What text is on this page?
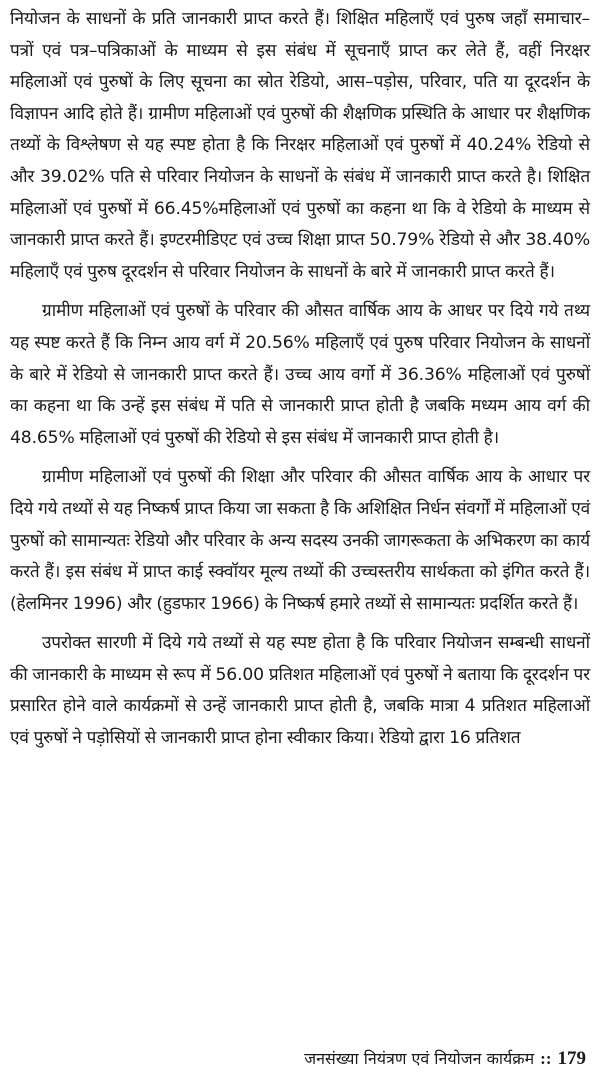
नियोजन के साधनों के प्रति जानकारी प्राप्त करते हैं। शिक्षित महिलाएँ एवं पुरुष जहाँ समाचार–पत्रों एवं पत्र–पत्रिकाओं के माध्यम से इस संबंध में सूचनाएँ प्राप्त कर लेते हैं, वहीं निरक्षर महिलाओं एवं पुरुषों के लिए सूचना का स्रोत रेडियो, आस–पड़ोस, परिवार, पति या दूरदर्शन के विज्ञापन आदि होते हैं। ग्रामीण महिलाओं एवं पुरुषों की शैक्षणिक प्रस्थिति के आधार पर शैक्षणिक तथ्यों के विश्लेषण से यह स्पष्ट होता है कि निरक्षर महिलाओं एवं पुरुषों में 40.24% रेडियो से और 39.02% पति से परिवार नियोजन के साधनों के संबंध में जानकारी प्राप्त करते है। शिक्षित महिलाओं एवं पुरुषों में 66.45%महिलाओं एवं पुरुषों का कहना था कि वे रेडियो के माध्यम से जानकारी प्राप्त करते हैं। इण्टरमीडिएट एवं उच्च शिक्षा प्राप्त 50.79% रेडियो से और 38.40% महिलाएँ एवं पुरुष दूरदर्शन से परिवार नियोजन के साधनों के बारे में जानकारी प्राप्त करते हैं।

ग्रामीण महिलाओं एवं पुरुषों के परिवार की औसत वार्षिक आय के आधर पर दिये गये तथ्य यह स्पष्ट करते हैं कि निम्न आय वर्ग में 20.56% महिलाएँ एवं पुरुष परिवार नियोजन के साधनों के बारे में रेडियो से जानकारी प्राप्त करते हैं। उच्च आय वर्गो में 36.36% महिलाओं एवं पुरुषों का कहना था कि उन्हें इस संबंध में पति से जानकारी प्राप्त होती है जबकि मध्यम आय वर्ग की 48.65% महिलाओं एवं पुरुषों की रेडियो से इस संबंध में जानकारी प्राप्त होती है।

ग्रामीण महिलाओं एवं पुरुषों की शिक्षा और परिवार की औसत वार्षिक आय के आधार पर दिये गये तथ्यों से यह निष्कर्ष प्राप्त किया जा सकता है कि अशिक्षित निर्धन संवर्गों में महिलाओं एवं पुरुषों को सामान्यतः रेडियो और परिवार के अन्य सदस्य उनकी जागरूकता के अभिकरण का कार्य करते हैं। इस संबंध में प्राप्त काई स्क्वॉयर मूल्य तथ्यों की उच्चस्तरीय सार्थकता को इंगित करते हैं। (हेलमिनर 1996) और (हुडफार 1966) के निष्कर्ष हमारे तथ्यों से सामान्यतः प्रदर्शित करते हैं।

उपरोक्त सारणी में दिये गये तथ्यों से यह स्पष्ट होता है कि परिवार नियोजन सम्बन्धी साधनों की जानकारी के माध्यम से रूप में 56.00 प्रतिशत महिलाओं एवं पुरुषों ने बताया कि दूरदर्शन पर प्रसारित होने वाले कार्यक्रमों से उन्हें जानकारी प्राप्त होती है, जबकि मात्रा 4 प्रतिशत महिलाओं एवं पुरुषों ने पड़ोसियों से जानकारी प्राप्त होना स्वीकार किया। रेडियो द्वारा 16 प्रतिशत

जनसंख्या नियंत्रण एवं नियोजन कार्यक्रम :: 179
